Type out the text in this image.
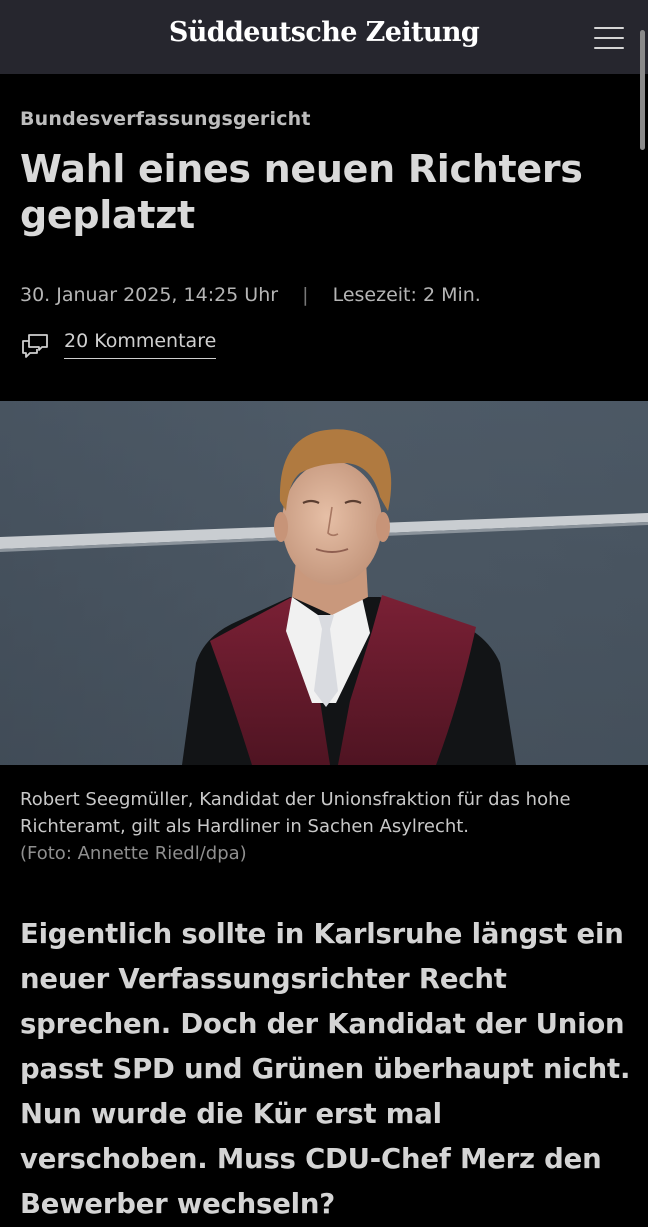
Süddeutsche Zeitung
Bundesverfassungsgericht
Wahl eines neuen Richters geplatzt
30. Januar 2025, 14:25 Uhr | Lesezeit: 2 Min.
20 Kommentare
Robert Seegmüller, Kandidat der Unionsfraktion für das hohe Richteramt, gilt als Hardliner in Sachen Asylrecht.
(Foto: Annette Riedl/dpa)
Eigentlich sollte in Karlsruhe längst ein neuer Verfassungsrichter Recht sprechen. Doch der Kandidat der Union passt SPD und Grünen überhaupt nicht. Nun wurde die Kür erst mal verschoben. Muss CDU-Chef Merz den Bewerber wechseln?
